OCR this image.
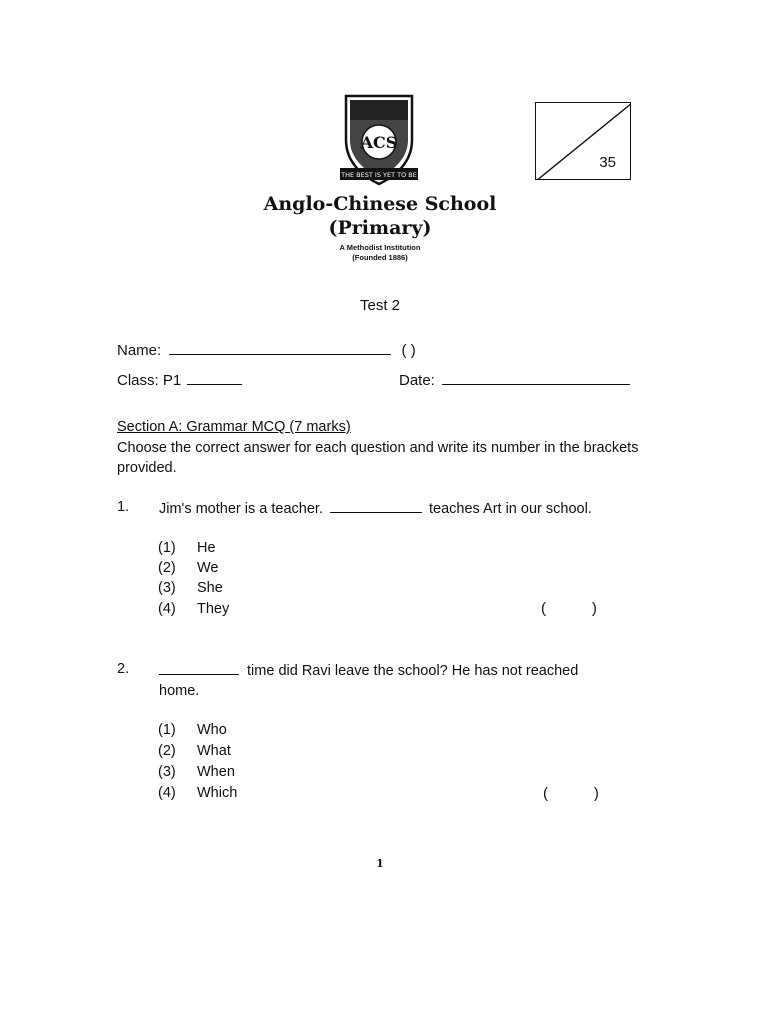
ACS
THE BEST IS YET TO BE
35
Anglo-Chinese School
(Primary)
A Methodist Institution
(Founded 1886)
Test 2
Name:	( )
Class: P1	Date:
Section A: Grammar MCQ (7 marks)
Choose the correct answer for each question and write its number in the brackets provided.
1. Jim's mother is a teacher.	teaches Art in our school.
(1) He
(2) We
(3) She
(4) They	(           )
2.	time did Ravi leave the school? He has not reached
home.
(1) Who
(2) What
(3) When
(4) Which	(           )
1
